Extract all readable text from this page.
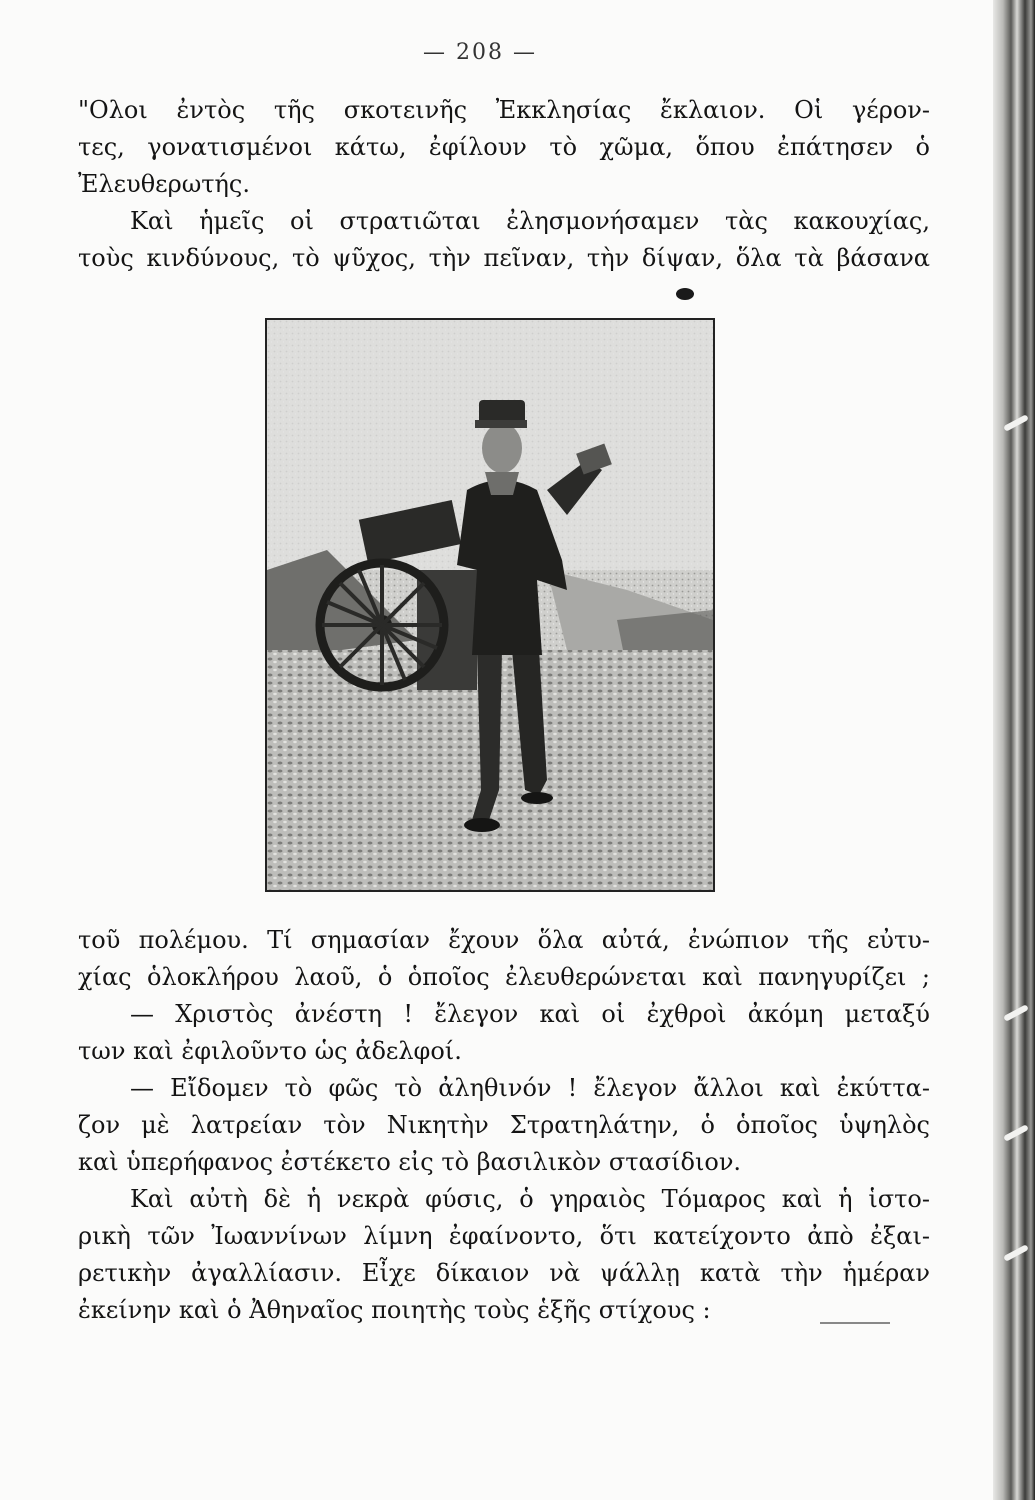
— 208 —
"Ολοι ἐντὸς τῆς σκοτεινῆς Ἐκκλησίας ἔκλαιον. Οἱ γέρον-
τες, γονατισμένοι κάτω, ἐφίλουν τὸ χῶμα, ὅπου ἐπάτησεν ὁ
Ἐλευθερωτής.
Καὶ ἡμεῖς οἱ στρατιῶται ἐλησμονήσαμεν τὰς κακουχίας,
τοὺς κινδύνους, τὸ ψῦχος, τὴν πεῖναν, τὴν δίψαν, ὅλα τὰ βάσανα
τοῦ πολέμου. Τί σημασίαν ἔχουν ὅλα αὐτά, ἐνώπιον τῆς εὐτυ-
χίας ὁλοκλήρου λαοῦ, ὁ ὁποῖος ἐλευθερώνεται καὶ πανηγυρίζει ;
— Χριστὸς ἀνέστη ! ἔλεγον καὶ οἱ ἐχθροὶ ἀκόμη μεταξύ
των καὶ ἐφιλοῦντο ὡς ἀδελφοί.
— Εἴδομεν τὸ φῶς τὸ ἀληθινόν ! ἔλεγον ἄλλοι καὶ ἐκύττα-
ζον μὲ λατρείαν τὸν Νικητὴν Στρατηλάτην, ὁ ὁποῖος ὑψηλὸς
καὶ ὑπερήφανος ἐστέκετο εἰς τὸ βασιλικὸν στασίδιον.
Καὶ αὐτὴ δὲ ἡ νεκρὰ φύσις, ὁ γηραιὸς Τόμαρος καὶ ἡ ἱστο-
ρικὴ τῶν Ἰωαννίνων λίμνη ἐφαίνοντο, ὅτι κατείχοντο ἀπὸ ἐξαι-
ρετικὴν ἀγαλλίασιν. Εἶχε δίκαιον νὰ ψάλλῃ κατὰ τὴν ἡμέραν
ἐκείνην καὶ ὁ Ἀθηναῖος ποιητὴς τοὺς ἑξῆς στίχους :
